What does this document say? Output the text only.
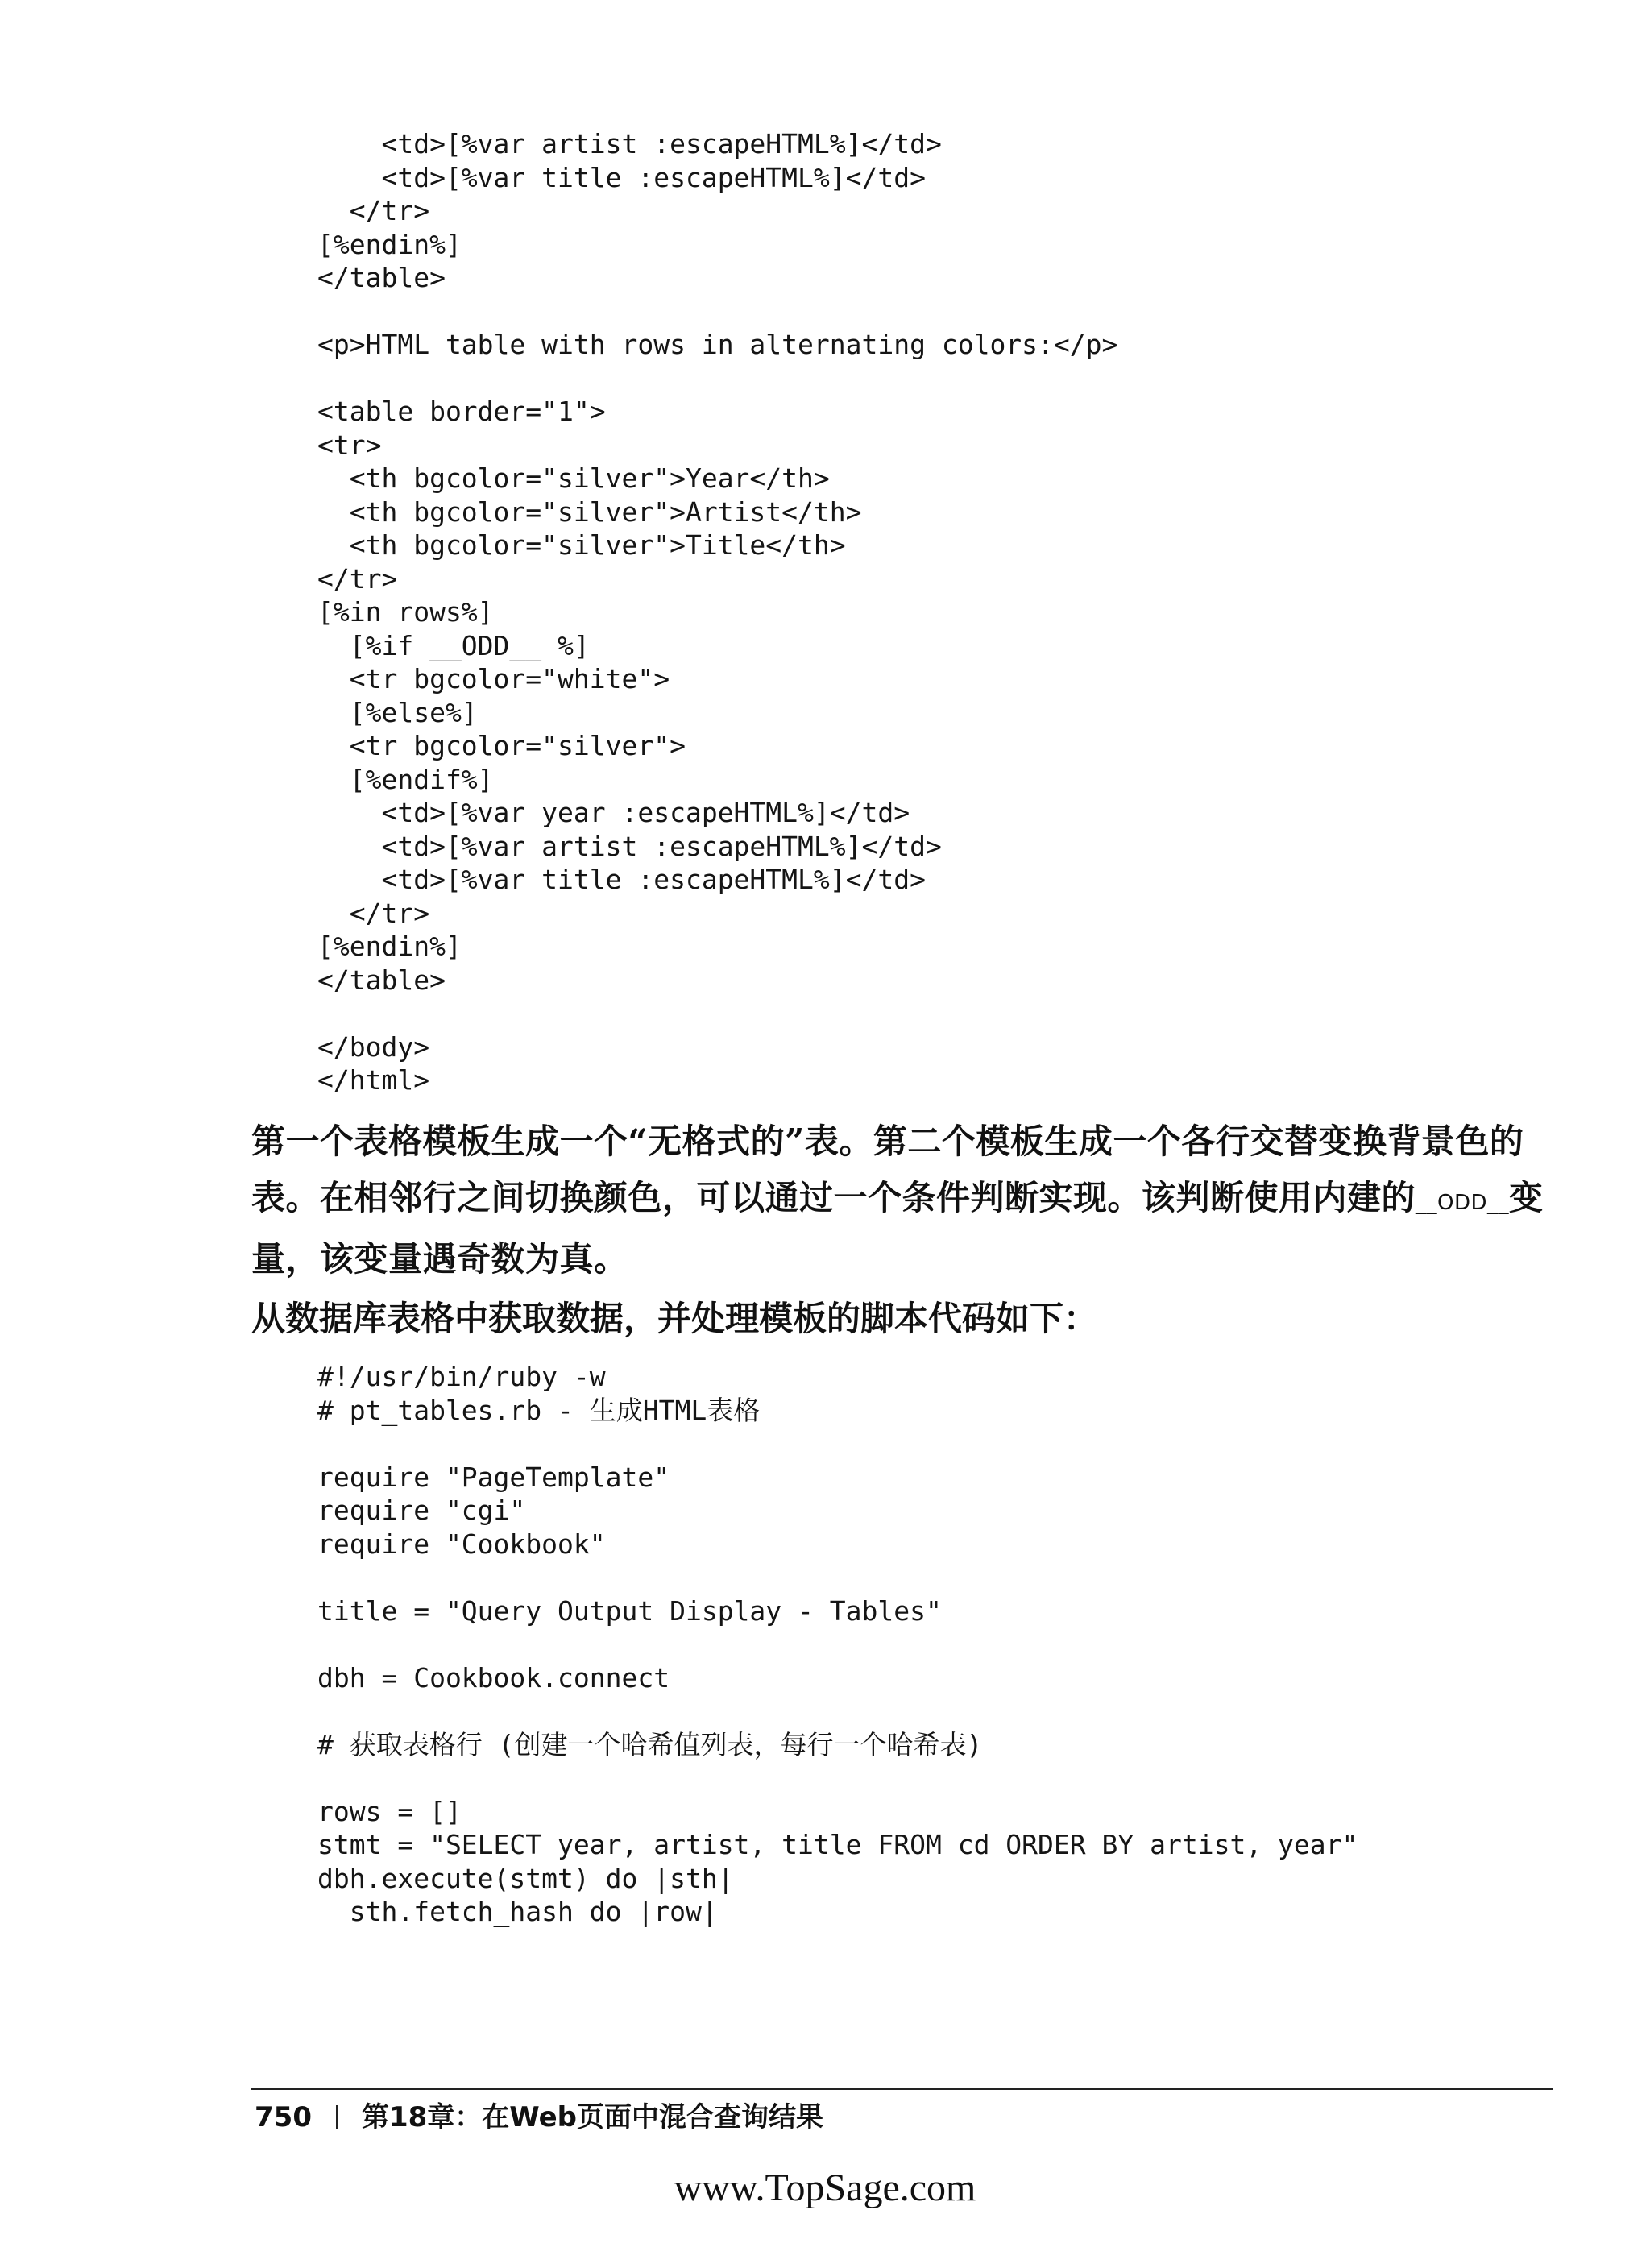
<td>[%var artist :escapeHTML%]</td>
<td>[%var title :escapeHTML%]</td>
</tr>
[%endin%]
</table>

<p>HTML table with rows in alternating colors:</p>

<table border="1">
<tr>
<th bgcolor="silver">Year</th>
<th bgcolor="silver">Artist</th>
<th bgcolor="silver">Title</th>
</tr>
[%in rows%]
[%if __ODD__ %]
<tr bgcolor="white">
[%else%]
<tr bgcolor="silver">
[%endif%]
<td>[%var year :escapeHTML%]</td>
<td>[%var artist :escapeHTML%]</td>
<td>[%var title :escapeHTML%]</td>
</tr>
[%endin%]
</table>

</body>
</html>

第一个表格模板生成一个“无格式的”表。第二个模板生成一个各行交替变换背景色的表。在相邻行之间切换颜色，可以通过一个条件判断实现。该判断使用内建的__ODD__变量，该变量遇奇数为真。

从数据库表格中获取数据，并处理模板的脚本代码如下：

#!/usr/bin/ruby -w
# pt_tables.rb - 生成HTML表格

require "PageTemplate"
require "cgi"
require "Cookbook"

title = "Query Output Display - Tables"

dbh = Cookbook.connect

# 获取表格行 (创建一个哈希值列表，每行一个哈希表)

rows = []
stmt = "SELECT year, artist, title FROM cd ORDER BY artist, year"
dbh.execute(stmt) do |sth|
sth.fetch_hash do |row|
750 第18章：在Web页面中混合查询结果
www.TopSage.com
